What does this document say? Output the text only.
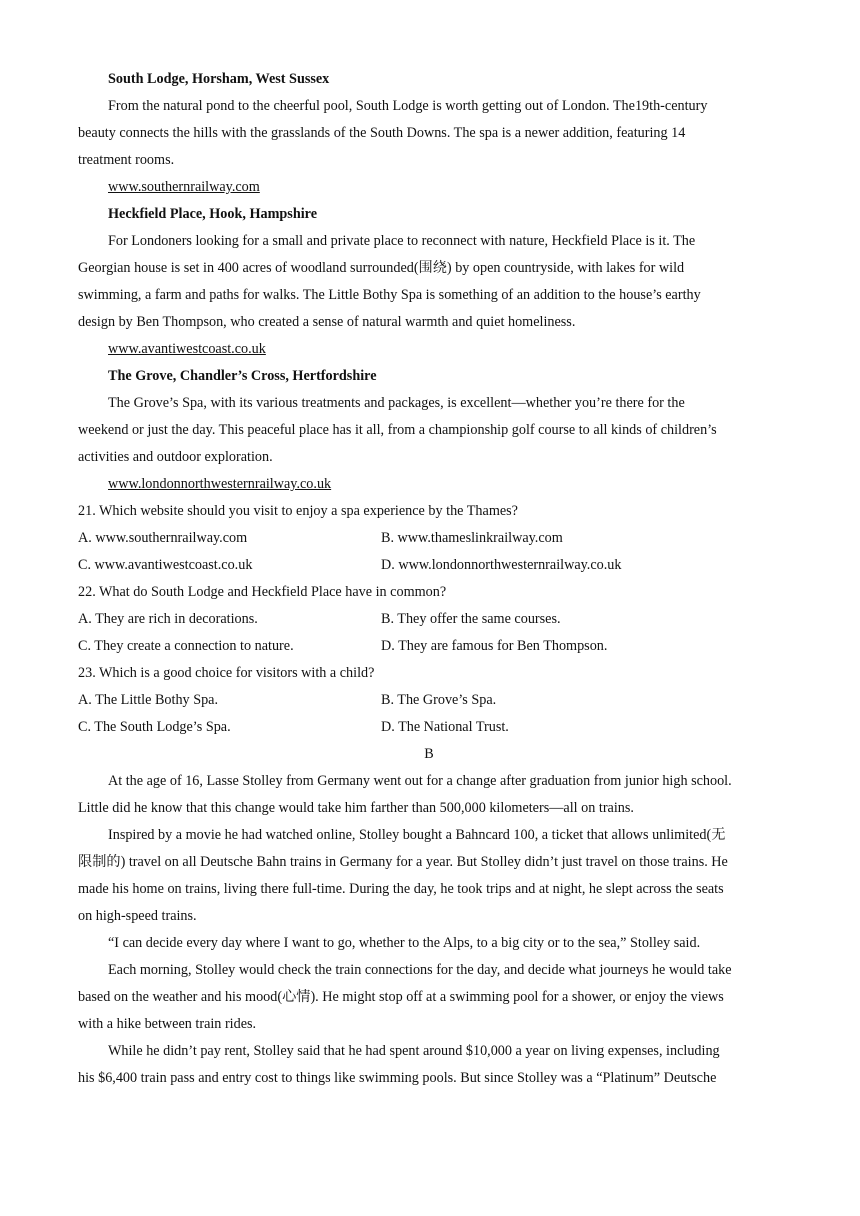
South Lodge, Horsham, West Sussex
From the natural pond to the cheerful pool, South Lodge is worth getting out of London. The19th-century
beauty connects the hills with the grasslands of the South Downs. The spa is a newer addition, featuring 14
treatment rooms.
www.southernrailway.com
Heckfield Place, Hook, Hampshire
For Londoners looking for a small and private place to reconnect with nature, Heckfield Place is it. The
Georgian house is set in 400 acres of woodland surrounded(围绕) by open countryside, with lakes for wild
swimming, a farm and paths for walks. The Little Bothy Spa is something of an addition to the house’s earthy
design by Ben Thompson, who created a sense of natural warmth and quiet homeliness.
www.avantiwestcoast.co.uk
The Grove, Chandler’s Cross, Hertfordshire
The Grove’s Spa, with its various treatments and packages, is excellent—whether you’re there for the
weekend or just the day. This peaceful place has it all, from a championship golf course to all kinds of children’s
activities and outdoor exploration.
www.londonnorthwesternrailway.co.uk
21. Which website should you visit to enjoy a spa experience by the Thames?
A. www.southernrailway.com	B. www.thameslinkrailway.com
C. www.avantiwestcoast.co.uk	D. www.londonnorthwesternrailway.co.uk
22. What do South Lodge and Heckfield Place have in common?
A. They are rich in decorations.	B. They offer the same courses.
C. They create a connection to nature.	D. They are famous for Ben Thompson.
23. Which is a good choice for visitors with a child?
A. The Little Bothy Spa.	B. The Grove’s Spa.
C. The South Lodge’s Spa.	D. The National Trust.
B
At the age of 16, Lasse Stolley from Germany went out for a change after graduation from junior high school.
Little did he know that this change would take him farther than 500,000 kilometers—all on trains.
Inspired by a movie he had watched online, Stolley bought a Bahncard 100, a ticket that allows unlimited(无
限制的) travel on all Deutsche Bahn trains in Germany for a year. But Stolley didn’t just travel on those trains. He
made his home on trains, living there full-time. During the day, he took trips and at night, he slept across the seats
on high-speed trains.
“I can decide every day where I want to go, whether to the Alps, to a big city or to the sea,” Stolley said.
Each morning, Stolley would check the train connections for the day, and decide what journeys he would take
based on the weather and his mood(心情). He might stop off at a swimming pool for a shower, or enjoy the views
with a hike between train rides.
While he didn’t pay rent, Stolley said that he had spent around $10,000 a year on living expenses, including
his $6,400 train pass and entry cost to things like swimming pools. But since Stolley was a “Platinum” Deutsche
